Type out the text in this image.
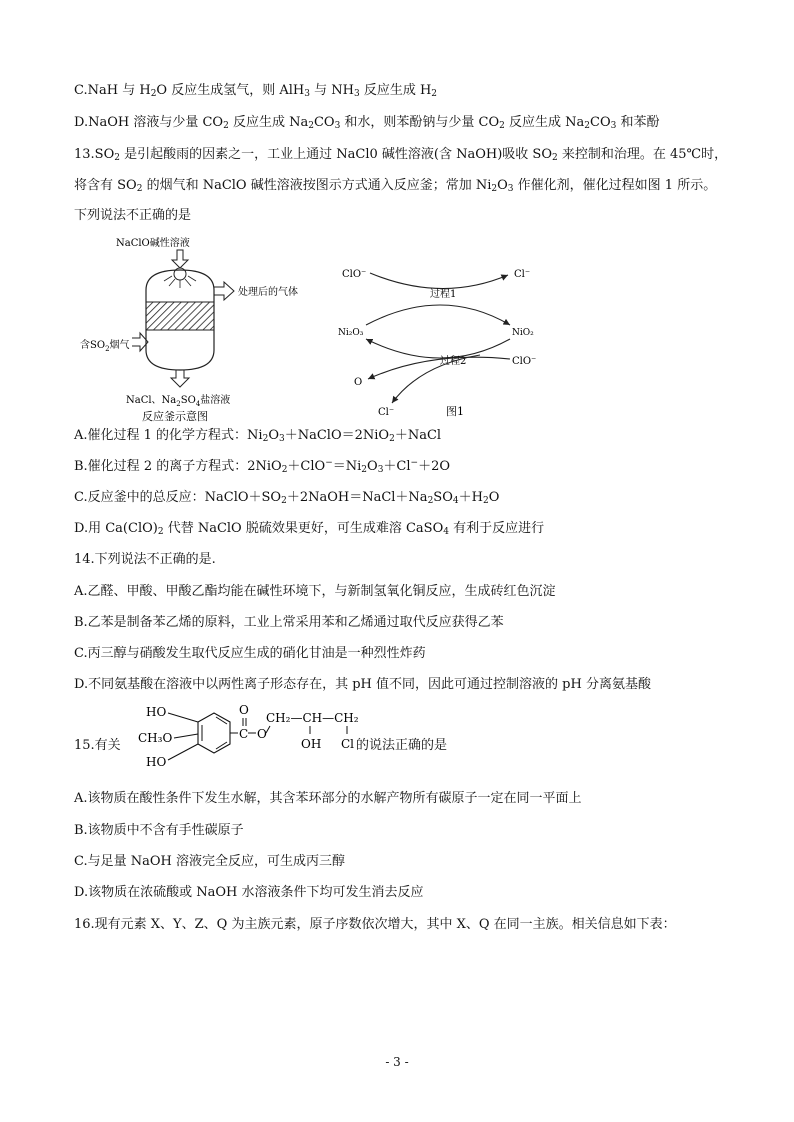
C.NaH 与 $H_2O$ 反应生成氢气，则 AlH$_3$ 与 $NH_3$ 反应生成 $H_2$
D.NaOH 溶液与少量 $CO_2$ 反应生成 $Na_2CO_3$ 和水，则苯酚钠与少量 $CO_2$ 反应生成 $Na_2CO_3$ 和苯酚
$13.SO_2$ 是引起酸雨的因素之一，工业上通过 NaCl0 碱性溶液(含 NaOH)吸收 $SO_2$ 来控制和治理。在 45℃时，
将含有 $SO_2$ 的烟气和 NaClO 碱性溶液按图示方式通入反应釜；常加 $Ni_2O_3$ 作催化剂，催化过程如图 1 所示。
下列说法不正确的是
NaClO碱性溶液
处理后的气体
含$SO_2$烟气
NaCl、$Na_2SO_4$盐溶液
反应釜示意图
ClO⁻	Cl⁻
过程1
Ni₂O₃	NiO₂
过程2	ClO⁻
O
Cl⁻	图1
A.催化过程 1 的化学方程式：$Ni_2O_3+NaClO=2NiO_2+NaCl$
B.催化过程 2 的离子方程式：$2NiO_2+ClO^-=Ni_2O_3+Cl^-+2O$
C.反应釜中的总反应：$NaClO+SO_2+2NaOH=NaCl+Na_2SO_4+H_2O$
D.用 $Ca(ClO)_2$ 代替 NaClO 脱硫效果更好，可生成难溶 CaSO$_4$ 有利于反应进行
14.下列说法不正确的是.
A.乙醛、甲酸、甲酸乙酯均能在碱性环境下，与新制氢氧化铜反应，生成砖红色沉淀
B.乙苯是制备苯乙烯的原料，工业上常采用苯和乙烯通过取代反应获得乙苯
C.丙三醇与硝酸发生取代反应生成的硝化甘油是一种烈性炸药
D.不同氨基酸在溶液中以两性离子形态存在，其 pH 值不同，因此可通过控制溶液的 pH 分离氨基酸
15.有关
HO
CH₃O
HO
C
O
O
CH₂—CH—CH₂
OH Cl 的说法正确的是
A.该物质在酸性条件下发生水解，其含苯环部分的水解产物所有碳原子一定在同一平面上
B.该物质中不含有手性碳原子
C.与足量 NaOH 溶液完全反应，可生成丙三醇
D.该物质在浓硫酸或 NaOH 水溶液条件下均可发生消去反应
16.现有元素 X、Y、Z、Q 为主族元素，原子序数依次增大，其中 X、Q 在同一主族。相关信息如下表：
- 3 -
